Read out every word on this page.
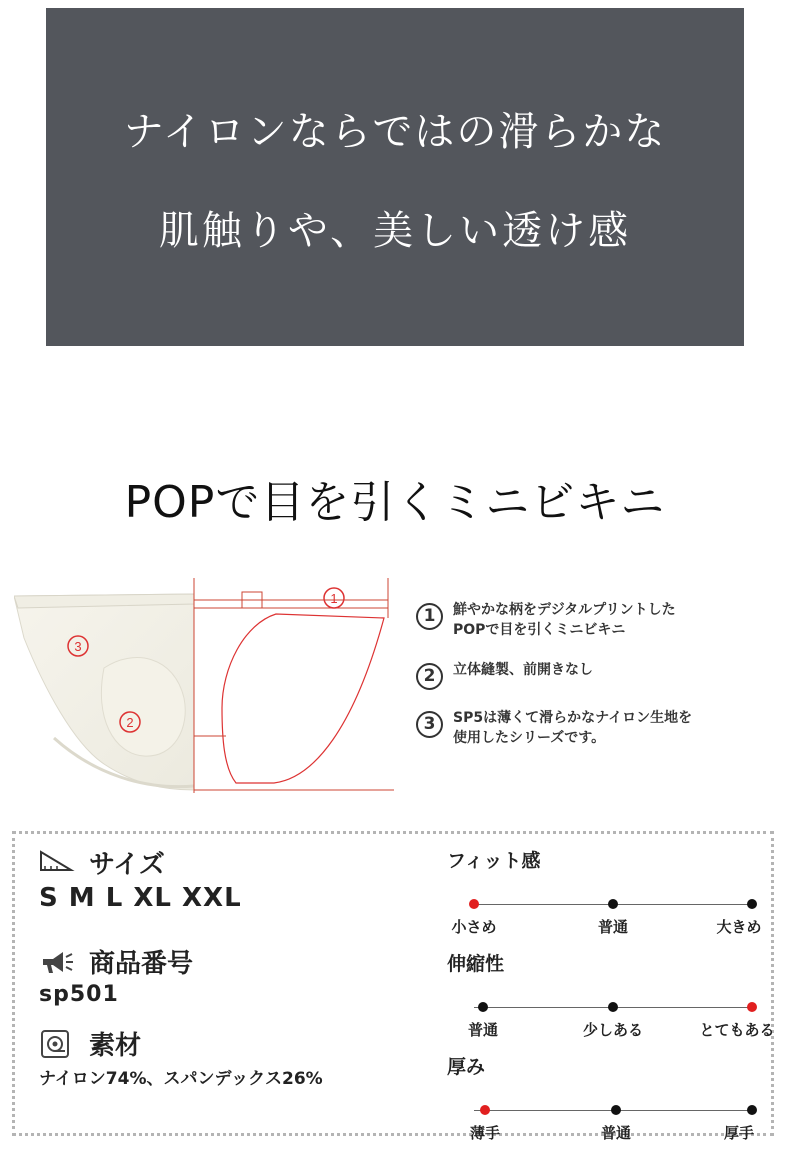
ナイロンならではの滑らかな
肌触りや、美しい透け感
POPで目を引くミニビキニ
1
3
2
1	鮮やかな柄をデジタルプリントした
POPで目を引くミニビキニ
2	立体縫製、前開きなし
3	SP5は薄くて滑らかなナイロン生地を
使用したシリーズです。
サイズ
S M L XL XXL
商品番号
sp501
素材
ナイロン74%、スパンデックス26%
フィット感
小さめ	普通	大きめ
伸縮性
普通	少しある	とてもある
厚み
薄手	普通	厚手
